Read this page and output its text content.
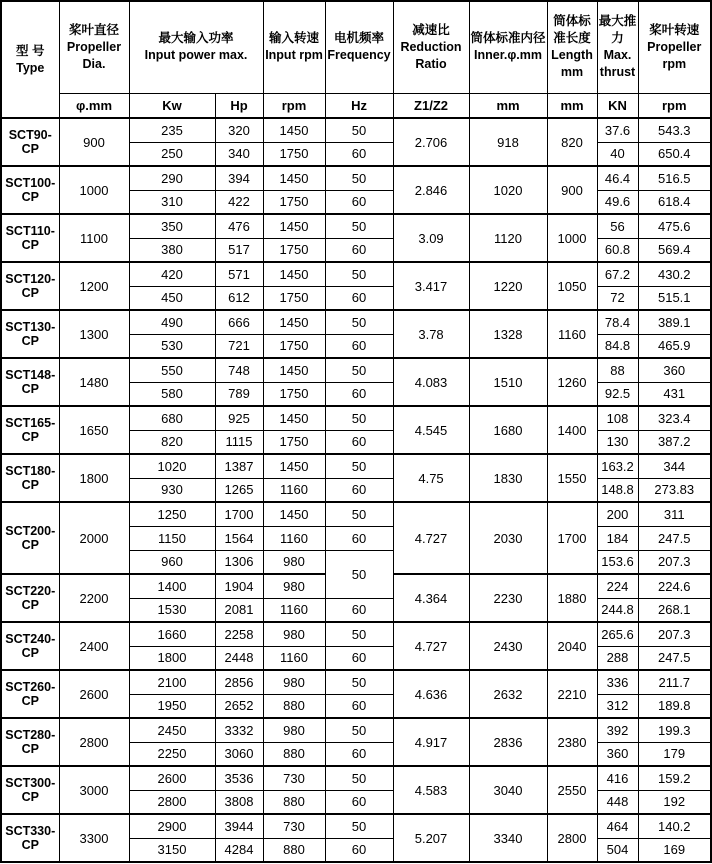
型 号
Type	桨叶直径
Propeller Dia.	最大输入功率
Input power max.		输入转速
Input rpm	电机频率
Frequency	减速比
Reduction Ratio	筒体标准内径
Inner.φ.mm	筒体标准长度
Length mm	最大推力
Max. thrust	桨叶转速
Propeller rpm

	φ.mm	Kw	Hp	rpm	Hz	Z1/Z2	mm	mm	KN	rpm
SCT90-CP	900	235	320	1450	50	2.706	918	820	37.6	543.3
		250	340	1750	60				40	650.4
SCT100-CP	1000	290	394	1450	50	2.846	1020	900	46.4	516.5
		310	422	1750	60				49.6	618.4
SCT110-CP	1100	350	476	1450	50	3.09	1120	1000	56	475.6
		380	517	1750	60				60.8	569.4
SCT120-CP	1200	420	571	1450	50	3.417	1220	1050	67.2	430.2
		450	612	1750	60				72	515.1
SCT130-CP	1300	490	666	1450	50	3.78	1328	1160	78.4	389.1
		530	721	1750	60				84.8	465.9
SCT148-CP	1480	550	748	1450	50	4.083	1510	1260	88	360
		580	789	1750	60				92.5	431
SCT165-CP	1650	680	925	1450	50	4.545	1680	1400	108	323.4
		820	1115	1750	60				130	387.2
SCT180-CP	1800	1020	1387	1450	50	4.75	1830	1550	163.2	344
		930	1265	1160	60				148.8	273.83
SCT200-CP	2000	1250	1700	1450	50	4.727	2030	1700	200	311
		1150	1564	1160	60				184	247.5
		960	1306	980	50				153.6	207.3
SCT220-CP	2200	1400	1904	980		4.364	2230	1880	224	224.6
		1530	2081	1160	60				244.8	268.1
SCT240-CP	2400	1660	2258	980	50	4.727	2430	2040	265.6	207.3
		1800	2448	1160	60				288	247.5
SCT260-CP	2600	2100	2856	980	50	4.636	2632	2210	336	211.7
		1950	2652	880	60				312	189.8
SCT280-CP	2800	2450	3332	980	50	4.917	2836	2380	392	199.3
		2250	3060	880	60				360	179
SCT300-CP	3000	2600	3536	730	50	4.583	3040	2550	416	159.2
		2800	3808	880	60				448	192
SCT330-CP	3300	2900	3944	730	50	5.207	3340	2800	464	140.2
		3150	4284	880	60				504	169
